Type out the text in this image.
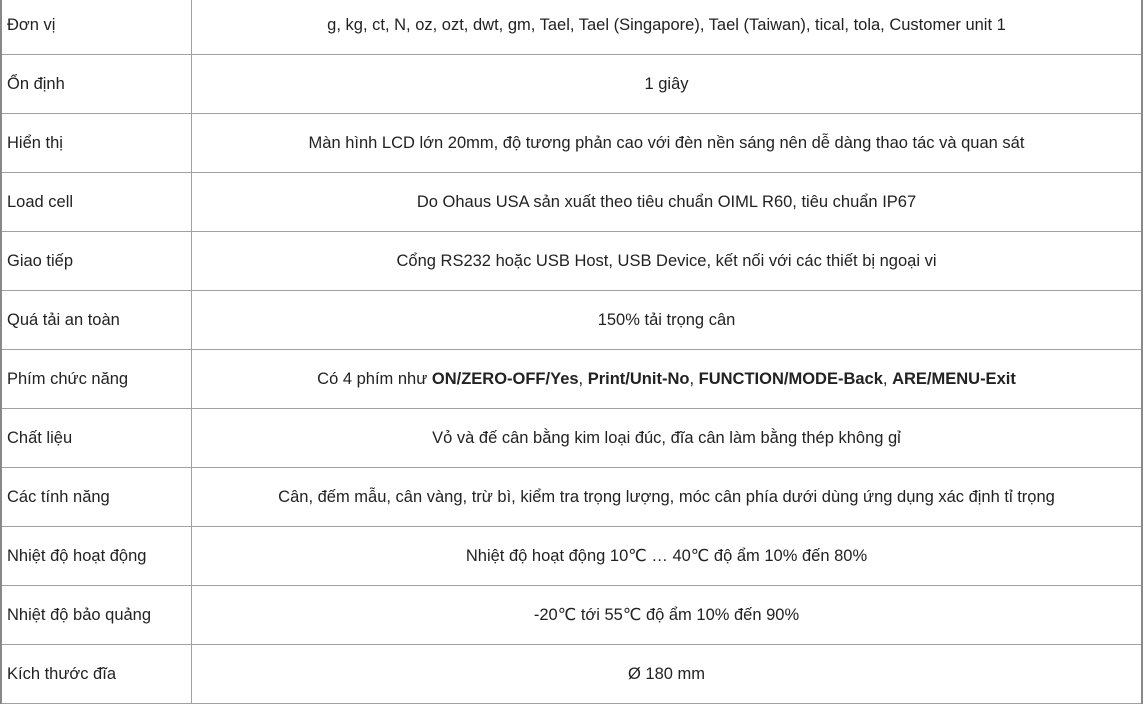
Đơn vị	g, kg, ct, N, oz, ozt, dwt, gm, Tael, Tael (Singapore), Tael (Taiwan), tical, tola, Customer unit 1
Ổn định	1 giây
Hiển thị	Màn hình LCD lớn 20mm, độ tương phản cao với đèn nền sáng nên dễ dàng thao tác và quan sát
Load cell	Do Ohaus USA sản xuất theo tiêu chuẩn OIML R60, tiêu chuẩn IP67
Giao tiếp	Cổng RS232 hoặc USB Host, USB Device, kết nối với các thiết bị ngoại vi
Quá tải an toàn	150% tải trọng cân
Phím chức năng	Có 4 phím như ON/ZERO-OFF/Yes, Print/Unit-No, FUNCTION/MODE-Back, ARE/MENU-Exit
Chất liệu	Vỏ và đế cân bằng kim loại đúc, đĩa cân làm bằng thép không gỉ
Các tính năng	Cân, đếm mẫu, cân vàng, trừ bì, kiểm tra trọng lượng, móc cân phía dưới dùng ứng dụng xác định tỉ trọng
Nhiệt độ hoạt động	Nhiệt độ hoạt động 10℃ … 40℃ độ ẩm 10% đến 80%
Nhiệt độ bảo quảng	-20℃ tới 55℃ độ ẩm 10% đến 90%
Kích thước đĩa	Ø 180 mm
